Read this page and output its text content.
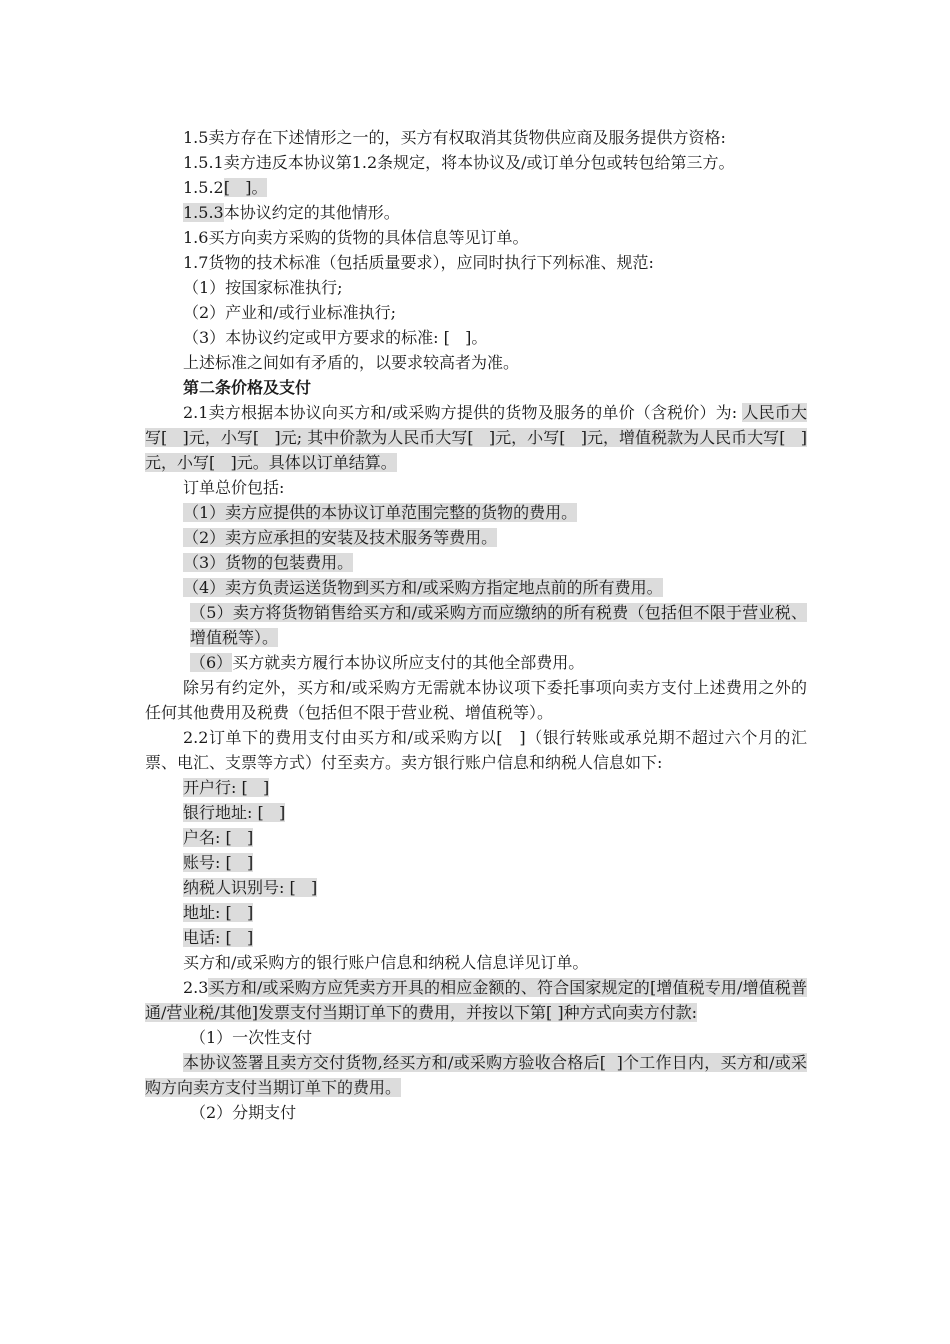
1.5卖方存在下述情形之一的，买方有权取消其货物供应商及服务提供方资格:

1.5.1卖方违反本协议第1.2条规定，将本协议及/或订单分包或转包给第三方。

1.5.2[   ]。

1.5.3本协议约定的其他情形。

1.6买方向卖方采购的货物的具体信息等见订单。

1.7货物的技术标准（包括质量要求），应同时执行下列标准、规范:

（1）按国家标准执行;

（2）产业和/或行业标准执行;

（3）本协议约定或甲方要求的标准: [   ]。

上述标准之间如有矛盾的，以要求较高者为准。

第二条价格及支付

2.1卖方根据本协议向买方和/或采购方提供的货物及服务的单价（含税价）为: 人民币大写[   ]元，小写[   ]元; 其中价款为人民币大写[   ]元，小写[   ]元，增值税款为人民币大写[   ]元，小写[   ]元。具体以订单结算。

订单总价包括:

（1）卖方应提供的本协议订单范围完整的货物的费用。

（2）卖方应承担的安装及技术服务等费用。

（3）货物的包装费用。

（4）卖方负责运送货物到买方和/或采购方指定地点前的所有费用。

（5）卖方将货物销售给买方和/或采购方而应缴纳的所有税费（包括但不限于营业税、增值税等）。

（6）买方就卖方履行本协议所应支付的其他全部费用。

除另有约定外，买方和/或采购方无需就本协议项下委托事项向卖方支付上述费用之外的任何其他费用及税费（包括但不限于营业税、增值税等）。

2.2订单下的费用支付由买方和/或采购方以[   ]（银行转账或承兑期不超过六个月的汇票、电汇、支票等方式）付至卖方。卖方银行账户信息和纳税人信息如下:

开户行: [   ]

银行地址: [   ]

户名: [   ]

账号: [   ]

纳税人识别号: [   ]

地址: [   ]

电话: [   ]

买方和/或采购方的银行账户信息和纳税人信息详见订单。

2.3买方和/或采购方应凭卖方开具的相应金额的、符合国家规定的[增值税专用/增值税普通/营业税/其他]发票支付当期订单下的费用，并按以下第[ ]种方式向卖方付款:

（1）一次性支付

本协议签署且卖方交付货物,经买方和/或采购方验收合格后[  ]个工作日内，买方和/或采购方向卖方支付当期订单下的费用。

（2）分期支付
